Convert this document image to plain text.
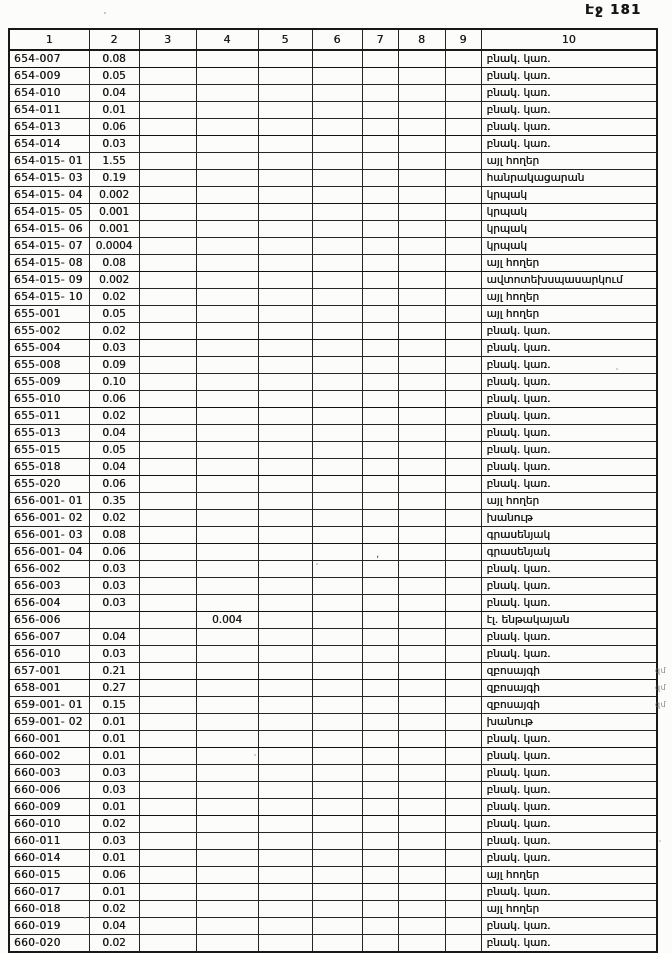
Էջ 181
1	2	3	4	5	6	7	8	9	10
654-007	0.08								բնակ. կառ.
654-009	0.05								բնակ. կառ.
654-010	0.04								բնակ. կառ.
654-011	0.01								բնակ. կառ.
654-013	0.06								բնակ. կառ.
654-014	0.03								բնակ. կառ.
654-015- 01	1.55								այլ հողեր
654-015- 03	0.19								հանրակացարան
654-015- 04	0.002								կրպակ
654-015- 05	0.001								կրպակ
654-015- 06	0.001								կրպակ
654-015- 07	0.0004								կրպակ
654-015- 08	0.08								այլ հողեր
654-015- 09	0.002								ավտոտեխսպասարկում
654-015- 10	0.02								այլ հողեր
655-001	0.05								այլ հողեր
655-002	0.02								բնակ. կառ.
655-004	0.03								բնակ. կառ.
655-008	0.09								բնակ. կառ.
655-009	0.10								բնակ. կառ.
655-010	0.06								բնակ. կառ.
655-011	0.02								բնակ. կառ.
655-013	0.04								բնակ. կառ.
655-015	0.05								բնակ. կառ.
655-018	0.04								բնակ. կառ.
655-020	0.06								բնակ. կառ.
656-001- 01	0.35								այլ հողեր
656-001- 02	0.02								խանութ
656-001- 03	0.08								գրասենյակ
656-001- 04	0.06								գրասենյակ
656-002	0.03								բնակ. կառ.
656-003	0.03								բնակ. կառ.
656-004	0.03								բնակ. կառ.
656-006			0.004						էլ. ենթակայան
656-007	0.04								բնակ. կառ.
656-010	0.03								բնակ. կառ.
657-001	0.21								զբոսայգի
658-001	0.27								զբոսայգի
659-001- 01	0.15								զբոսայգի
659-001- 02	0.01								խանութ
660-001	0.01								բնակ. կառ.
660-002	0.01								բնակ. կառ.
660-003	0.03								բնակ. կառ.
660-006	0.03								բնակ. կառ.
660-009	0.01								բնակ. կառ.
660-010	0.02								բնակ. կառ.
660-011	0.03								բնակ. կառ.
660-014	0.01								բնակ. կառ.
660-015	0.06								այլ հողեր
660-017	0.01								բնակ. կառ.
660-018	0.02								այլ հողեր
660-019	0.04								բնակ. կառ.
660-020	0.02								բնակ. կառ.
՚
զմ
զմ
զմ
